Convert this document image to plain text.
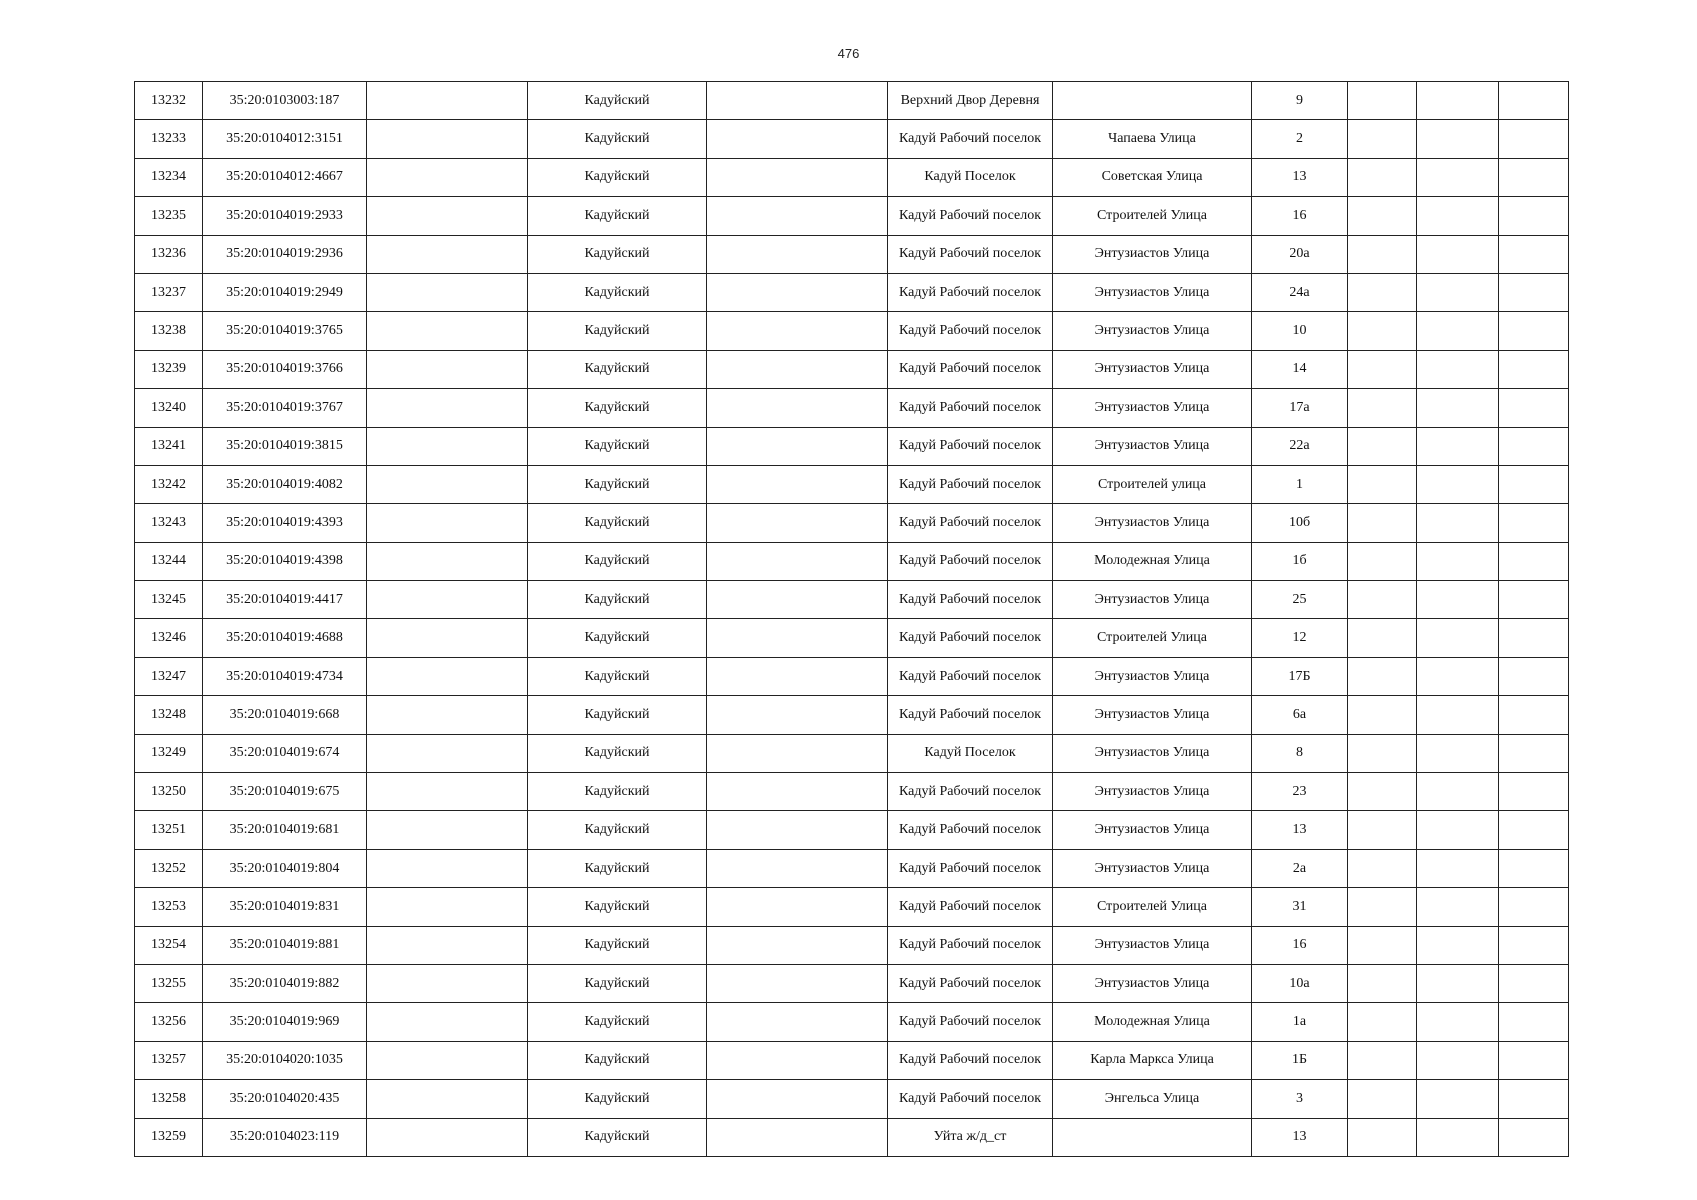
476
13232	35:20:0103003:187		Кадуйский		Верхний Двор Деревня		9			
13233	35:20:0104012:3151		Кадуйский		Кадуй Рабочий поселок	Чапаева Улица	2			
13234	35:20:0104012:4667		Кадуйский		Кадуй Поселок	Советская Улица	13			
13235	35:20:0104019:2933		Кадуйский		Кадуй Рабочий поселок	Строителей Улица	16			
13236	35:20:0104019:2936		Кадуйский		Кадуй Рабочий поселок	Энтузиастов Улица	20а			
13237	35:20:0104019:2949		Кадуйский		Кадуй Рабочий поселок	Энтузиастов Улица	24а			
13238	35:20:0104019:3765		Кадуйский		Кадуй Рабочий поселок	Энтузиастов Улица	10			
13239	35:20:0104019:3766		Кадуйский		Кадуй Рабочий поселок	Энтузиастов Улица	14			
13240	35:20:0104019:3767		Кадуйский		Кадуй Рабочий поселок	Энтузиастов Улица	17а			
13241	35:20:0104019:3815		Кадуйский		Кадуй Рабочий поселок	Энтузиастов Улица	22а			
13242	35:20:0104019:4082		Кадуйский		Кадуй Рабочий поселок	Строителей улица	1			
13243	35:20:0104019:4393		Кадуйский		Кадуй Рабочий поселок	Энтузиастов Улица	10б			
13244	35:20:0104019:4398		Кадуйский		Кадуй Рабочий поселок	Молодежная Улица	1б			
13245	35:20:0104019:4417		Кадуйский		Кадуй Рабочий поселок	Энтузиастов Улица	25			
13246	35:20:0104019:4688		Кадуйский		Кадуй Рабочий поселок	Строителей Улица	12			
13247	35:20:0104019:4734		Кадуйский		Кадуй Рабочий поселок	Энтузиастов Улица	17Б			
13248	35:20:0104019:668		Кадуйский		Кадуй Рабочий поселок	Энтузиастов Улица	6а			
13249	35:20:0104019:674		Кадуйский		Кадуй Поселок	Энтузиастов Улица	8			
13250	35:20:0104019:675		Кадуйский		Кадуй Рабочий поселок	Энтузиастов Улица	23			
13251	35:20:0104019:681		Кадуйский		Кадуй Рабочий поселок	Энтузиастов Улица	13			
13252	35:20:0104019:804		Кадуйский		Кадуй Рабочий поселок	Энтузиастов Улица	2а			
13253	35:20:0104019:831		Кадуйский		Кадуй Рабочий поселок	Строителей Улица	31			
13254	35:20:0104019:881		Кадуйский		Кадуй Рабочий поселок	Энтузиастов Улица	16			
13255	35:20:0104019:882		Кадуйский		Кадуй Рабочий поселок	Энтузиастов Улица	10а			
13256	35:20:0104019:969		Кадуйский		Кадуй Рабочий поселок	Молодежная Улица	1а			
13257	35:20:0104020:1035		Кадуйский		Кадуй Рабочий поселок	Карла Маркса Улица	1Б			
13258	35:20:0104020:435		Кадуйский		Кадуй Рабочий поселок	Энгельса Улица	3			
13259	35:20:0104023:119		Кадуйский		Уйта ж/д_ст		13			
